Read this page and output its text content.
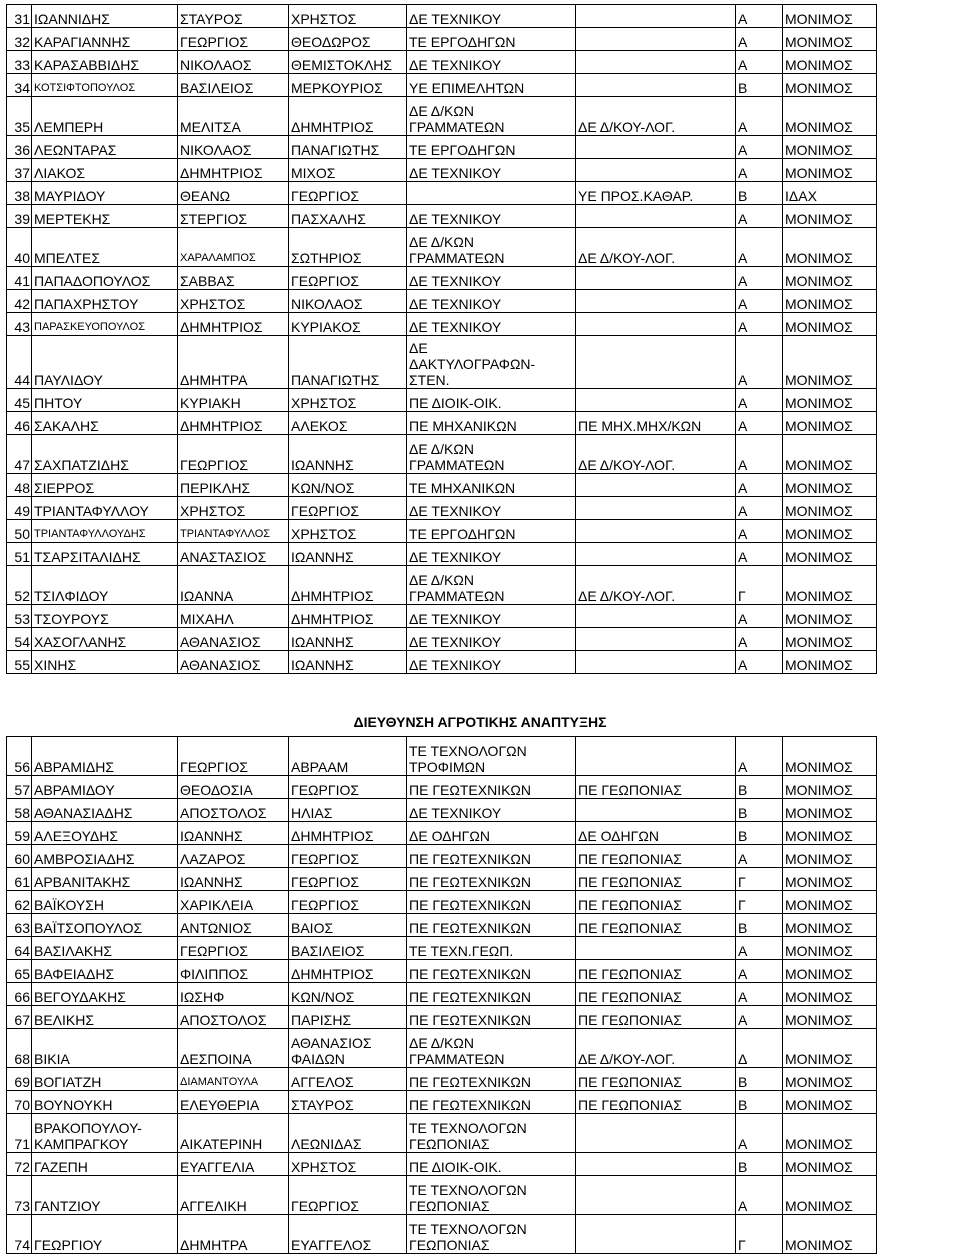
31	ΙΩΑΝΝΙΔΗΣ	ΣΤΑΥΡΟΣ	ΧΡΗΣΤΟΣ	ΔΕ ΤΕΧΝΙΚΟΥ		Α	ΜΟΝΙΜΟΣ
32	ΚΑΡΑΓΙΑΝΝΗΣ	ΓΕΩΡΓΙΟΣ	ΘΕΟΔΩΡΟΣ	ΤΕ ΕΡΓΟΔΗΓΩΝ		Α	ΜΟΝΙΜΟΣ
33	ΚΑΡΑΣΑΒΒΙΔΗΣ	ΝΙΚΟΛΑΟΣ	ΘΕΜΙΣΤΟΚΛΗΣ	ΔΕ ΤΕΧΝΙΚΟΥ		Α	ΜΟΝΙΜΟΣ
34	ΚΟΤΣΙΦΤΟΠΟΥΛΟΣ	ΒΑΣΙΛΕΙΟΣ	ΜΕΡΚΟΥΡΙΟΣ	ΥΕ ΕΠΙΜΕΛΗΤΩΝ		Β	ΜΟΝΙΜΟΣ
35	ΛΕΜΠΕΡΗ	ΜΕΛΙΤΣΑ	ΔΗΜΗΤΡΙΟΣ	ΔΕ Δ/ΚΩΝ
ΓΡΑΜΜΑΤΕΩΝ	ΔΕ Δ/ΚΟΥ-ΛΟΓ.	Α	ΜΟΝΙΜΟΣ
36	ΛΕΩΝΤΑΡΑΣ	ΝΙΚΟΛΑΟΣ	ΠΑΝΑΓΙΩΤΗΣ	ΤΕ ΕΡΓΟΔΗΓΩΝ		Α	ΜΟΝΙΜΟΣ
37	ΛΙΑΚΟΣ	ΔΗΜΗΤΡΙΟΣ	ΜΙΧΟΣ	ΔΕ ΤΕΧΝΙΚΟΥ		Α	ΜΟΝΙΜΟΣ
38	ΜΑΥΡΙΔΟΥ	ΘΕΑΝΩ	ΓΕΩΡΓΙΟΣ		ΥΕ ΠΡΟΣ.ΚΑΘΑΡ.	Β	ΙΔΑΧ
39	ΜΕΡΤΕΚΗΣ	ΣΤΕΡΓΙΟΣ	ΠΑΣΧΑΛΗΣ	ΔΕ ΤΕΧΝΙΚΟΥ		Α	ΜΟΝΙΜΟΣ
40	ΜΠΕΛΤΕΣ	ΧΑΡΑΛΑΜΠΟΣ	ΣΩΤΗΡΙΟΣ	ΔΕ Δ/ΚΩΝ
ΓΡΑΜΜΑΤΕΩΝ	ΔΕ Δ/ΚΟΥ-ΛΟΓ.	Α	ΜΟΝΙΜΟΣ
41	ΠΑΠΑΔΟΠΟΥΛΟΣ	ΣΑΒΒΑΣ	ΓΕΩΡΓΙΟΣ	ΔΕ ΤΕΧΝΙΚΟΥ		Α	ΜΟΝΙΜΟΣ
42	ΠΑΠΑΧΡΗΣΤΟΥ	ΧΡΗΣΤΟΣ	ΝΙΚΟΛΑΟΣ	ΔΕ ΤΕΧΝΙΚΟΥ		Α	ΜΟΝΙΜΟΣ
43	ΠΑΡΑΣΚΕΥΟΠΟΥΛΟΣ	ΔΗΜΗΤΡΙΟΣ	ΚΥΡΙΑΚΟΣ	ΔΕ ΤΕΧΝΙΚΟΥ		Α	ΜΟΝΙΜΟΣ
44	ΠΑΥΛΙΔΟΥ	ΔΗΜΗΤΡΑ	ΠΑΝΑΓΙΩΤΗΣ	ΔΕ
ΔΑΚΤΥΛΟΓΡΑΦΩΝ-
ΣΤΕΝ.		Α	ΜΟΝΙΜΟΣ
45	ΠΗΤΟΥ	ΚΥΡΙΑΚΗ	ΧΡΗΣΤΟΣ	ΠΕ ΔΙΟΙΚ-ΟΙΚ.		Α	ΜΟΝΙΜΟΣ
46	ΣΑΚΑΛΗΣ	ΔΗΜΗΤΡΙΟΣ	ΑΛΕΚΟΣ	ΠΕ ΜΗΧΑΝΙΚΩΝ	ΠΕ ΜΗΧ.ΜΗΧ/ΚΩΝ	Α	ΜΟΝΙΜΟΣ
47	ΣΑΧΠΑΤΖΙΔΗΣ	ΓΕΩΡΓΙΟΣ	ΙΩΑΝΝΗΣ	ΔΕ Δ/ΚΩΝ
ΓΡΑΜΜΑΤΕΩΝ	ΔΕ Δ/ΚΟΥ-ΛΟΓ.	Α	ΜΟΝΙΜΟΣ
48	ΣΙΕΡΡΟΣ	ΠΕΡΙΚΛΗΣ	ΚΩΝ/ΝΟΣ	ΤΕ ΜΗΧΑΝΙΚΩΝ		Α	ΜΟΝΙΜΟΣ
49	ΤΡΙΑΝΤΑΦΥΛΛΟΥ	ΧΡΗΣΤΟΣ	ΓΕΩΡΓΙΟΣ	ΔΕ ΤΕΧΝΙΚΟΥ		Α	ΜΟΝΙΜΟΣ
50	ΤΡΙΑΝΤΑΦΥΛΛΟΥΔΗΣ	ΤΡΙΑΝΤΑΦΥΛΛΟΣ	ΧΡΗΣΤΟΣ	ΤΕ ΕΡΓΟΔΗΓΩΝ		Α	ΜΟΝΙΜΟΣ
51	ΤΣΑΡΣΙΤΑΛΙΔΗΣ	ΑΝΑΣΤΑΣΙΟΣ	ΙΩΑΝΝΗΣ	ΔΕ ΤΕΧΝΙΚΟΥ		Α	ΜΟΝΙΜΟΣ
52	ΤΣΙΛΦΙΔΟΥ	ΙΩΑΝΝΑ	ΔΗΜΗΤΡΙΟΣ	ΔΕ Δ/ΚΩΝ
ΓΡΑΜΜΑΤΕΩΝ	ΔΕ Δ/ΚΟΥ-ΛΟΓ.	Γ	ΜΟΝΙΜΟΣ
53	ΤΣΟΥΡΟΥΣ	ΜΙΧΑΗΛ	ΔΗΜΗΤΡΙΟΣ	ΔΕ ΤΕΧΝΙΚΟΥ		Α	ΜΟΝΙΜΟΣ
54	ΧΑΣΟΓΛΑΝΗΣ	ΑΘΑΝΑΣΙΟΣ	ΙΩΑΝΝΗΣ	ΔΕ ΤΕΧΝΙΚΟΥ		Α	ΜΟΝΙΜΟΣ
55	ΧΙΝΗΣ	ΑΘΑΝΑΣΙΟΣ	ΙΩΑΝΝΗΣ	ΔΕ ΤΕΧΝΙΚΟΥ		Α	ΜΟΝΙΜΟΣ
ΔΙΕΥΘΥΝΣΗ ΑΓΡΟΤΙΚΗΣ ΑΝΑΠΤΥΞΗΣ
56	ΑΒΡΑΜΙΔΗΣ	ΓΕΩΡΓΙΟΣ	ΑΒΡΑΑΜ	ΤΕ ΤΕΧΝΟΛΟΓΩΝ
ΤΡΟΦΙΜΩΝ		Α	ΜΟΝΙΜΟΣ
57	ΑΒΡΑΜΙΔΟΥ	ΘΕΟΔΟΣΙΑ	ΓΕΩΡΓΙΟΣ	ΠΕ ΓΕΩΤΕΧΝΙΚΩΝ	ΠΕ ΓΕΩΠΟΝΙΑΣ	Β	ΜΟΝΙΜΟΣ
58	ΑΘΑΝΑΣΙΑΔΗΣ	ΑΠΟΣΤΟΛΟΣ	ΗΛΙΑΣ	ΔΕ ΤΕΧΝΙΚΟΥ		Β	ΜΟΝΙΜΟΣ
59	ΑΛΕΞΟΥΔΗΣ	ΙΩΑΝΝΗΣ	ΔΗΜΗΤΡΙΟΣ	ΔΕ ΟΔΗΓΩΝ	ΔΕ ΟΔΗΓΩΝ	Β	ΜΟΝΙΜΟΣ
60	ΑΜΒΡΟΣΙΑΔΗΣ	ΛΑΖΑΡΟΣ	ΓΕΩΡΓΙΟΣ	ΠΕ ΓΕΩΤΕΧΝΙΚΩΝ	ΠΕ ΓΕΩΠΟΝΙΑΣ	Α	ΜΟΝΙΜΟΣ
61	ΑΡΒΑΝΙΤΑΚΗΣ	ΙΩΑΝΝΗΣ	ΓΕΩΡΓΙΟΣ	ΠΕ ΓΕΩΤΕΧΝΙΚΩΝ	ΠΕ ΓΕΩΠΟΝΙΑΣ	Γ	ΜΟΝΙΜΟΣ
62	ΒΑΪΚΟΥΣΗ	ΧΑΡΙΚΛΕΙΑ	ΓΕΩΡΓΙΟΣ	ΠΕ ΓΕΩΤΕΧΝΙΚΩΝ	ΠΕ ΓΕΩΠΟΝΙΑΣ	Γ	ΜΟΝΙΜΟΣ
63	ΒΑΪΤΣΟΠΟΥΛΟΣ	ΑΝΤΩΝΙΟΣ	ΒΑΙΟΣ	ΠΕ ΓΕΩΤΕΧΝΙΚΩΝ	ΠΕ ΓΕΩΠΟΝΙΑΣ	Β	ΜΟΝΙΜΟΣ
64	ΒΑΣΙΛΑΚΗΣ	ΓΕΩΡΓΙΟΣ	ΒΑΣΙΛΕΙΟΣ	ΤΕ ΤΕΧΝ.ΓΕΩΠ.		Α	ΜΟΝΙΜΟΣ
65	ΒΑΦΕΙΑΔΗΣ	ΦΙΛΙΠΠΟΣ	ΔΗΜΗΤΡΙΟΣ	ΠΕ ΓΕΩΤΕΧΝΙΚΩΝ	ΠΕ ΓΕΩΠΟΝΙΑΣ	Α	ΜΟΝΙΜΟΣ
66	ΒΕΓΟΥΔΑΚΗΣ	ΙΩΣΗΦ	ΚΩΝ/ΝΟΣ	ΠΕ ΓΕΩΤΕΧΝΙΚΩΝ	ΠΕ ΓΕΩΠΟΝΙΑΣ	Α	ΜΟΝΙΜΟΣ
67	ΒΕΛΙΚΗΣ	ΑΠΟΣΤΟΛΟΣ	ΠΑΡΙΣΗΣ	ΠΕ ΓΕΩΤΕΧΝΙΚΩΝ	ΠΕ ΓΕΩΠΟΝΙΑΣ	Α	ΜΟΝΙΜΟΣ
68	ΒΙΚΙΑ	ΔΕΣΠΟΙΝΑ	ΑΘΑΝΑΣΙΟΣ
ΦΑΙΔΩΝ	ΔΕ Δ/ΚΩΝ
ΓΡΑΜΜΑΤΕΩΝ	ΔΕ Δ/ΚΟΥ-ΛΟΓ.	Δ	ΜΟΝΙΜΟΣ
69	ΒΟΓΙΑΤΖΗ	ΔΙΑΜΑΝΤΟΥΛΑ	ΑΓΓΕΛΟΣ	ΠΕ ΓΕΩΤΕΧΝΙΚΩΝ	ΠΕ ΓΕΩΠΟΝΙΑΣ	Β	ΜΟΝΙΜΟΣ
70	ΒΟΥΝΟΥΚΗ	ΕΛΕΥΘΕΡΙΑ	ΣΤΑΥΡΟΣ	ΠΕ ΓΕΩΤΕΧΝΙΚΩΝ	ΠΕ ΓΕΩΠΟΝΙΑΣ	Β	ΜΟΝΙΜΟΣ
71	ΒΡΑΚΟΠΟΥΛΟΥ-
ΚΑΜΠΡΑΓΚΟΥ	ΑΙΚΑΤΕΡΙΝΗ	ΛΕΩΝΙΔΑΣ	ΤΕ ΤΕΧΝΟΛΟΓΩΝ
ΓΕΩΠΟΝΙΑΣ		Α	ΜΟΝΙΜΟΣ
72	ΓΑΖΕΠΗ	ΕΥΑΓΓΕΛΙΑ	ΧΡΗΣΤΟΣ	ΠΕ ΔΙΟΙΚ-ΟΙΚ.		Β	ΜΟΝΙΜΟΣ
73	ΓΑΝΤΖΙΟΥ	ΑΓΓΕΛΙΚΗ	ΓΕΩΡΓΙΟΣ	ΤΕ ΤΕΧΝΟΛΟΓΩΝ
ΓΕΩΠΟΝΙΑΣ		Α	ΜΟΝΙΜΟΣ
74	ΓΕΩΡΓΙΟΥ	ΔΗΜΗΤΡΑ	ΕΥΑΓΓΕΛΟΣ	ΤΕ ΤΕΧΝΟΛΟΓΩΝ
ΓΕΩΠΟΝΙΑΣ		Γ	ΜΟΝΙΜΟΣ
